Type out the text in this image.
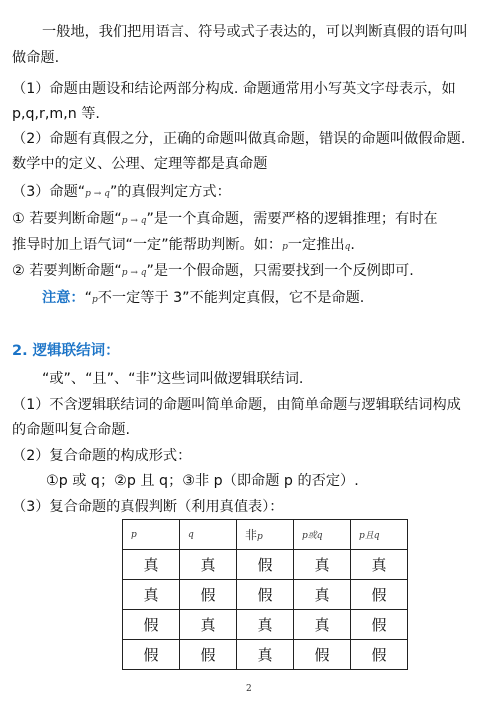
一般地，我们把用语言、符号或式子表达的，可以判断真假的语句叫
做命题.
（1）命题由题设和结论两部分构成. 命题通常用小写英文字母表示，如
p,q,r,m,n 等.
（2）命题有真假之分，正确的命题叫做真命题，错误的命题叫做假命题.
数学中的定义、公理、定理等都是真命题
（3）命题“p → q”的真假判定方式：
① 若要判断命题“p → q”是一个真命题，需要严格的逻辑推理；有时在
推导时加上语气词“一定”能帮助判断。如：p一定推出q.
② 若要判断命题“p → q”是一个假命题，只需要找到一个反例即可.
注意：“p不一定等于 3”不能判定真假，它不是命题.
2. 逻辑联结词：
“或”、“且”、“非”这些词叫做逻辑联结词.
（1）不含逻辑联结词的命题叫简单命题，由简单命题与逻辑联结词构成
的命题叫复合命题.
（2）复合命题的构成形式：
①p 或 q；②p 且 q；③非 p（即命题 p 的否定）.
（3）复合命题的真假判断（利用真值表）：
p	q	非p	p或q	p且q
真	真	假	真	真
真	假	假	真	假
假	真	真	真	假
假	假	真	假	假
2
